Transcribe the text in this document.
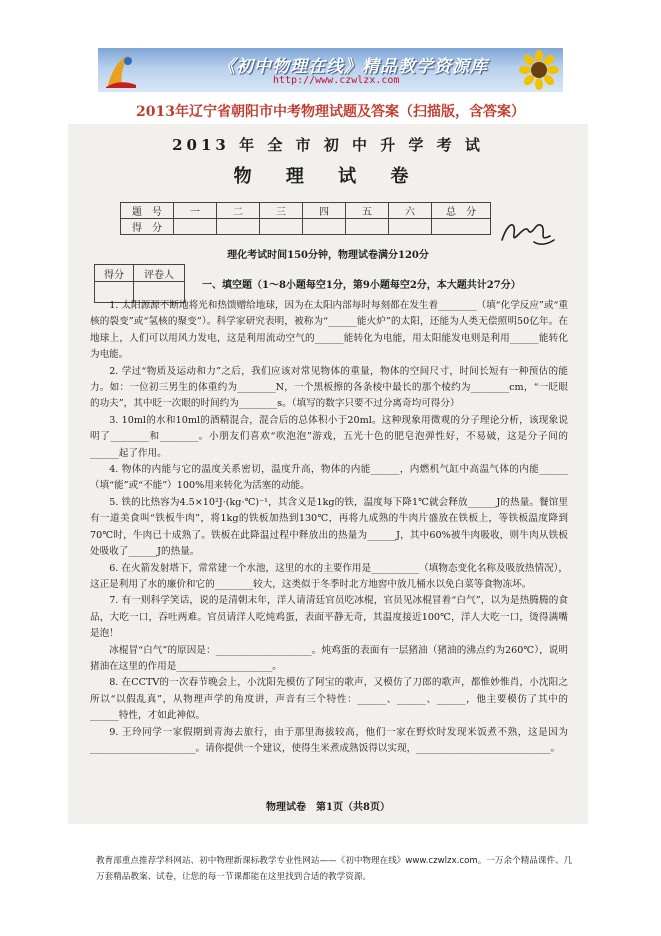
《初中物理在线》精品教学资源库
http://www.czwlzx.com
2013年辽宁省朝阳市中考物理试题及答案（扫描版，含答案）
2013 年 全 市 初 中 升 学 考 试
物 理 试 卷
题　号	一	二	三	四	五	六	总　分
得　分							
理化考试时间150分钟，物理试卷满分120分
得分	评卷人

一、填空题（1～8小题每空1分，第9小题每空2分，本大题共计27分）

1. 太阳源源不断地将光和热馈赠给地球，因为在太阳内部每时每刻都在发生着________（填“化学反应”或“重核的裂变”或“氢核的聚变”）。科学家研究表明，被称为“______能火炉”的太阳，还能为人类无偿照明50亿年。在地球上，人们可以用风力发电，这是利用流动空气的______能转化为电能，用太阳能发电则是利用______能转化为电能。

2. 学过“物质及运动和力”之后，我们应该对常见物体的重量，物体的空间尺寸，时间长短有一种预估的能力。如：一位初三男生的体重约为________N，一个黑板擦的各条棱中最长的那个棱约为________cm，“一眨眼的功夫”，其中眨一次眼的时间约为________s。（填写的数字只要不过分离奇均可得分）

3. 10ml的水和10ml的酒精混合，混合后的总体积小于20ml。这种现象用微观的分子理论分析，该现象说明了________和________。小朋友们喜欢“吹泡泡”游戏，五光十色的肥皂泡弹性好，不易破，这是分子间的______起了作用。

4. 物体的内能与它的温度关系密切，温度升高，物体的内能______，内燃机气缸中高温气体的内能______（填“能”或“不能”）100%用来转化为活塞的动能。

5. 铁的比热容为4.5×10²J·(kg·℃)⁻¹，其含义是1kg的铁，温度每下降1℃就会释放______J的热量。餐馆里有一道美食叫“铁板牛肉”，将1kg的铁板加热到130℃，再将九成熟的牛肉片盛放在铁板上，等铁板温度降到70℃时，牛肉已十成熟了。铁板在此降温过程中释放出的热量为______J，其中60%被牛肉吸收，则牛肉从铁板处吸收了______J的热量。

6. 在火箭发射塔下，常常建一个水池，这里的水的主要作用是__________（填物态变化名称及吸放热情况），这正是利用了水的廉价和它的________较大，这类似于冬季时北方地窖中放几桶水以免白菜等食物冻坏。

7. 有一则科学笑话，说的是清朝末年，洋人请清廷官员吃冰棍，官员见冰棍冒着“白气”，以为是热腾腾的食品，大吃一口，吞吐两难。官员请洋人吃炖鸡蛋，表面平静无奇，其温度接近100℃，洋人大吃一口，烫得满嘴是泡！

冰棍冒“白气”的原因是：____________________。炖鸡蛋的表面有一层猪油（猪油的沸点约为260℃），说明猪油在这里的作用是____________________。

8. 在CCTV的一次春节晚会上，小沈阳先模仿了阿宝的歌声，又模仿了刀郎的歌声，都惟妙惟肖，小沈阳之所以“以假乱真”，从物理声学的角度讲，声音有三个特性：______、______、______，他主要模仿了其中的______特性，才如此神似。

9. 王玲同学一家假期到青海去旅行，由于那里海拔较高，他们一家在野炊时发现米饭煮不熟，这是因为______________________。请你提供一个建议，使得生米煮成熟饭得以实现，____________________________。

物理试卷　第1页（共8页）
教育部重点推荐学科网站、初中物理新课标教学专业性网站——《初中物理在线》www.czwlzx.com。一万余个精品课件、几万套精品教案、试卷，让您的每一节课都能在这里找到合适的教学资源。
